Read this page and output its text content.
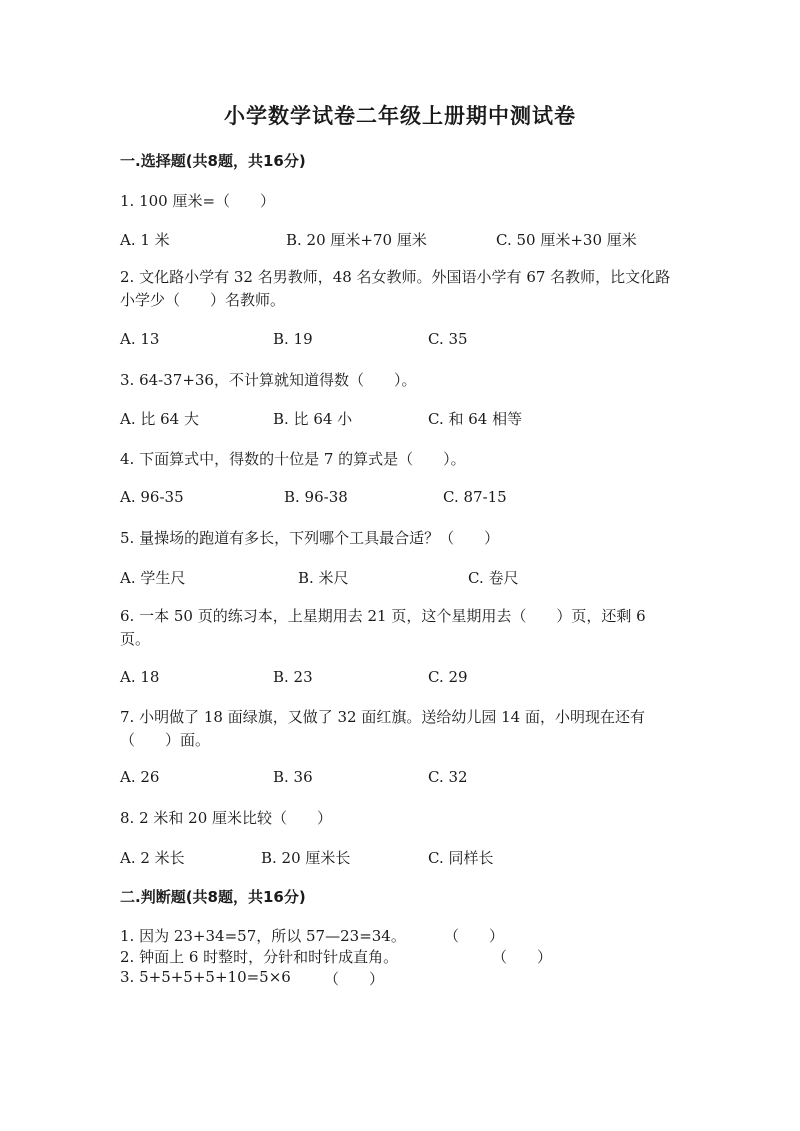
小学数学试卷二年级上册期中测试卷
一.选择题(共8题，共16分)
1. 100 厘米=（　　）
A. 1 米	B. 20 厘米+70 厘米	C. 50 厘米+30 厘米
2. 文化路小学有 32 名男教师，48 名女教师。外国语小学有 67 名教师，比文化路小学少（　　）名教师。
A. 13	B. 19	C. 35
3. 64-37+36，不计算就知道得数（　　）。
A. 比 64 大	B. 比 64 小	C. 和 64 相等
4. 下面算式中，得数的十位是 7 的算式是（　　）。
A. 96-35	B. 96-38	C. 87-15
5. 量操场的跑道有多长，下列哪个工具最合适？（　　）
A. 学生尺	B. 米尺	C. 卷尺
6. 一本 50 页的练习本，上星期用去 21 页，这个星期用去（　　）页，还剩 6 页。
A. 18	B. 23	C. 29
7. 小明做了 18 面绿旗，又做了 32 面红旗。送给幼儿园 14 面，小明现在还有（　　）面。
A. 26	B. 36	C. 32
8. 2 米和 20 厘米比较（　　）
A. 2 米长	B. 20 厘米长	C. 同样长
二.判断题(共8题，共16分)
1. 因为 23+34=57，所以 57—23=34。	（　　）
2. 钟面上 6 时整时，分针和时针成直角。	（　　）
3. 5+5+5+5+10=5×6 （　　）
